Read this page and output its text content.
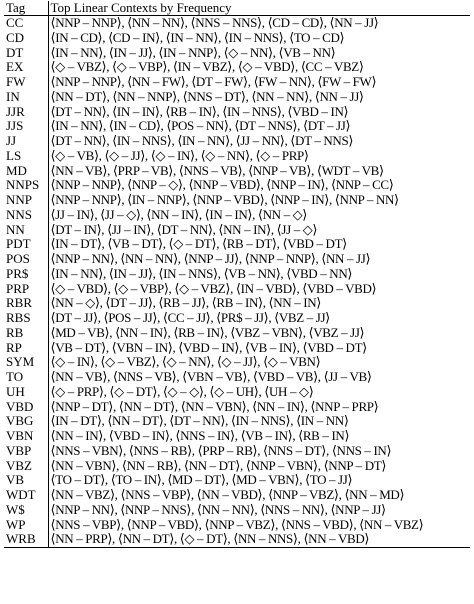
Tag	Top Linear Contexts by Frequency
CC	⟨NNP – NNP⟩, ⟨NN – NN⟩, ⟨NNS – NNS⟩, ⟨CD – CD⟩, ⟨NN – JJ⟩
CD	⟨IN – CD⟩, ⟨CD – IN⟩, ⟨IN – NN⟩, ⟨IN – NNS⟩, ⟨TO – CD⟩
DT	⟨IN – NN⟩, ⟨IN – JJ⟩, ⟨IN – NNP⟩, ⟨◇ – NN⟩, ⟨VB – NN⟩
EX	⟨◇ – VBZ⟩, ⟨◇ – VBP⟩, ⟨IN – VBZ⟩, ⟨◇ – VBD⟩, ⟨CC – VBZ⟩
FW	⟨NNP – NNP⟩, ⟨NN – FW⟩, ⟨DT – FW⟩, ⟨FW – NN⟩, ⟨FW – FW⟩
IN	⟨NN – DT⟩, ⟨NN – NNP⟩, ⟨NNS – DT⟩, ⟨NN – NN⟩, ⟨NN – JJ⟩
JJR	⟨DT – NN⟩, ⟨IN – IN⟩, ⟨RB – IN⟩, ⟨IN – NNS⟩, ⟨VBD – IN⟩
JJS	⟨IN – NN⟩, ⟨IN – CD⟩, ⟨POS – NN⟩, ⟨DT – NNS⟩, ⟨DT – JJ⟩
JJ	⟨DT – NN⟩, ⟨IN – NNS⟩, ⟨IN – NN⟩, ⟨JJ – NN⟩, ⟨DT – NNS⟩
LS	⟨◇ – VB⟩, ⟨◇ – JJ⟩, ⟨◇ – IN⟩, ⟨◇ – NN⟩, ⟨◇ – PRP⟩
MD	⟨NN – VB⟩, ⟨PRP – VB⟩, ⟨NNS – VB⟩, ⟨NNP – VB⟩, ⟨WDT – VB⟩
NNPS	⟨NNP – NNP⟩, ⟨NNP – ◇⟩, ⟨NNP – VBD⟩, ⟨NNP – IN⟩, ⟨NNP – CC⟩
NNP	⟨NNP – NNP⟩, ⟨IN – NNP⟩, ⟨NNP – VBD⟩, ⟨NNP – IN⟩, ⟨NNP – NN⟩
NNS	⟨JJ – IN⟩, ⟨JJ – ◇⟩, ⟨NN – IN⟩, ⟨IN – IN⟩, ⟨NN – ◇⟩
NN	⟨DT – IN⟩, ⟨JJ – IN⟩, ⟨DT – NN⟩, ⟨NN – IN⟩, ⟨JJ – ◇⟩
PDT	⟨IN – DT⟩, ⟨VB – DT⟩, ⟨◇ – DT⟩, ⟨RB – DT⟩, ⟨VBD – DT⟩
POS	⟨NNP – NN⟩, ⟨NN – NN⟩, ⟨NNP – JJ⟩, ⟨NNP – NNP⟩, ⟨NN – JJ⟩
PR$	⟨IN – NN⟩, ⟨IN – JJ⟩, ⟨IN – NNS⟩, ⟨VB – NN⟩, ⟨VBD – NN⟩
PRP	⟨◇ – VBD⟩, ⟨◇ – VBP⟩, ⟨◇ – VBZ⟩, ⟨IN – VBD⟩, ⟨VBD – VBD⟩
RBR	⟨NN – ◇⟩, ⟨DT – JJ⟩, ⟨RB – JJ⟩, ⟨RB – IN⟩, ⟨NN – IN⟩
RBS	⟨DT – JJ⟩, ⟨POS – JJ⟩, ⟨CC – JJ⟩, ⟨PR$ – JJ⟩, ⟨VBZ – JJ⟩
RB	⟨MD – VB⟩, ⟨NN – IN⟩, ⟨RB – IN⟩, ⟨VBZ – VBN⟩, ⟨VBZ – JJ⟩
RP	⟨VB – DT⟩, ⟨VBN – IN⟩, ⟨VBD – IN⟩, ⟨VB – IN⟩, ⟨VBD – DT⟩
SYM	⟨◇ – IN⟩, ⟨◇ – VBZ⟩, ⟨◇ – NN⟩, ⟨◇ – JJ⟩, ⟨◇ – VBN⟩
TO	⟨NN – VB⟩, ⟨NNS – VB⟩, ⟨VBN – VB⟩, ⟨VBD – VB⟩, ⟨JJ – VB⟩
UH	⟨◇ – PRP⟩, ⟨◇ – DT⟩, ⟨◇ – ◇⟩, ⟨◇ – UH⟩, ⟨UH – ◇⟩
VBD	⟨NNP – DT⟩, ⟨NN – DT⟩, ⟨NN – VBN⟩, ⟨NN – IN⟩, ⟨NNP – PRP⟩
VBG	⟨IN – DT⟩, ⟨NN – DT⟩, ⟨DT – NN⟩, ⟨IN – NNS⟩, ⟨IN – NN⟩
VBN	⟨NN – IN⟩, ⟨VBD – IN⟩, ⟨NNS – IN⟩, ⟨VB – IN⟩, ⟨RB – IN⟩
VBP	⟨NNS – VBN⟩, ⟨NNS – RB⟩, ⟨PRP – RB⟩, ⟨NNS – DT⟩, ⟨NNS – IN⟩
VBZ	⟨NN – VBN⟩, ⟨NN – RB⟩, ⟨NN – DT⟩, ⟨NNP – VBN⟩, ⟨NNP – DT⟩
VB	⟨TO – DT⟩, ⟨TO – IN⟩, ⟨MD – DT⟩, ⟨MD – VBN⟩, ⟨TO – JJ⟩
WDT	⟨NN – VBZ⟩, ⟨NNS – VBP⟩, ⟨NN – VBD⟩, ⟨NNP – VBZ⟩, ⟨NN – MD⟩
W$	⟨NNP – NN⟩, ⟨NNP – NNS⟩, ⟨NN – NN⟩, ⟨NNS – NN⟩, ⟨NNP – JJ⟩
WP	⟨NNS – VBP⟩, ⟨NNP – VBD⟩, ⟨NNP – VBZ⟩, ⟨NNS – VBD⟩, ⟨NN – VBZ⟩
WRB	⟨NN – PRP⟩, ⟨NN – DT⟩, ⟨◇ – DT⟩, ⟨NN – NNS⟩, ⟨NN – VBD⟩
